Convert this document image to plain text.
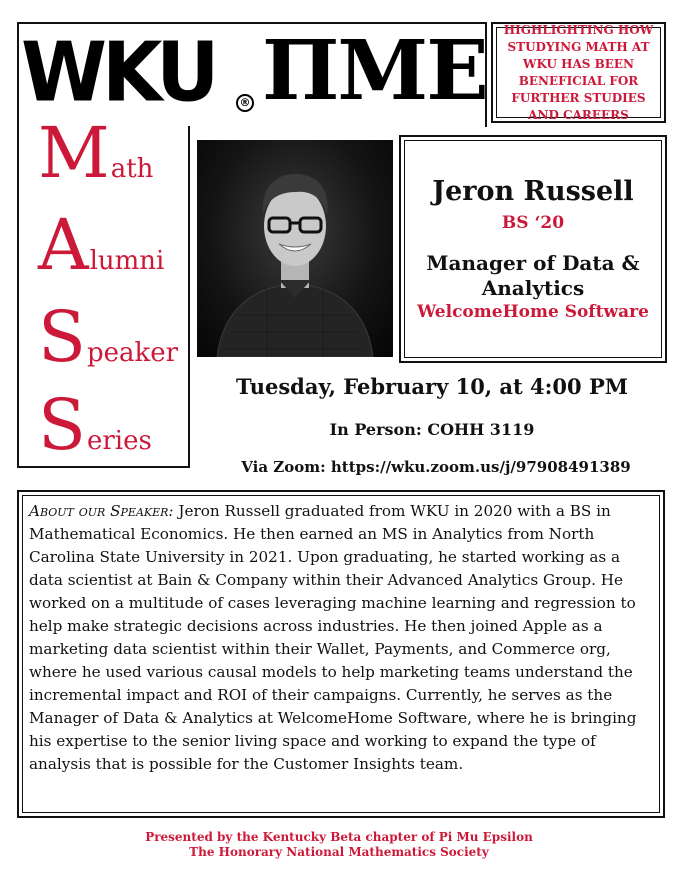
WKU	® ΠΜΕ
M ath
A lumni
S peaker
S eries
HIGHLIGHTING HOW STUDYING MATH AT WKU HAS BEEN BENEFICIAL FOR FURTHER STUDIES AND CAREERS
Jeron Russell
BS ‘20
Manager of Data & Analytics
WelcomeHome Software
Tuesday, February 10, at 4:00 PM
In Person: COHH 3119
Via Zoom: https://wku.zoom.us/j/97908491389
About our Speaker: Jeron Russell graduated from WKU in 2020 with a BS in Mathematical Economics. He then earned an MS in Analytics from North Carolina State University in 2021. Upon graduating, he started working as a data scientist at Bain & Company within their Advanced Analytics Group. He worked on a multitude of cases leveraging machine learning and regression to help make strategic decisions across industries. He then joined Apple as a marketing data scientist within their Wallet, Payments, and Commerce org, where he used various causal models to help marketing teams understand the incremental impact and ROI of their campaigns. Currently, he serves as the Manager of Data & Analytics at WelcomeHome Software, where he is bringing his expertise to the senior living space and working to expand the type of analysis that is possible for the Customer Insights team.
Presented by the Kentucky Beta chapter of Pi Mu Epsilon
The Honorary National Mathematics Society
